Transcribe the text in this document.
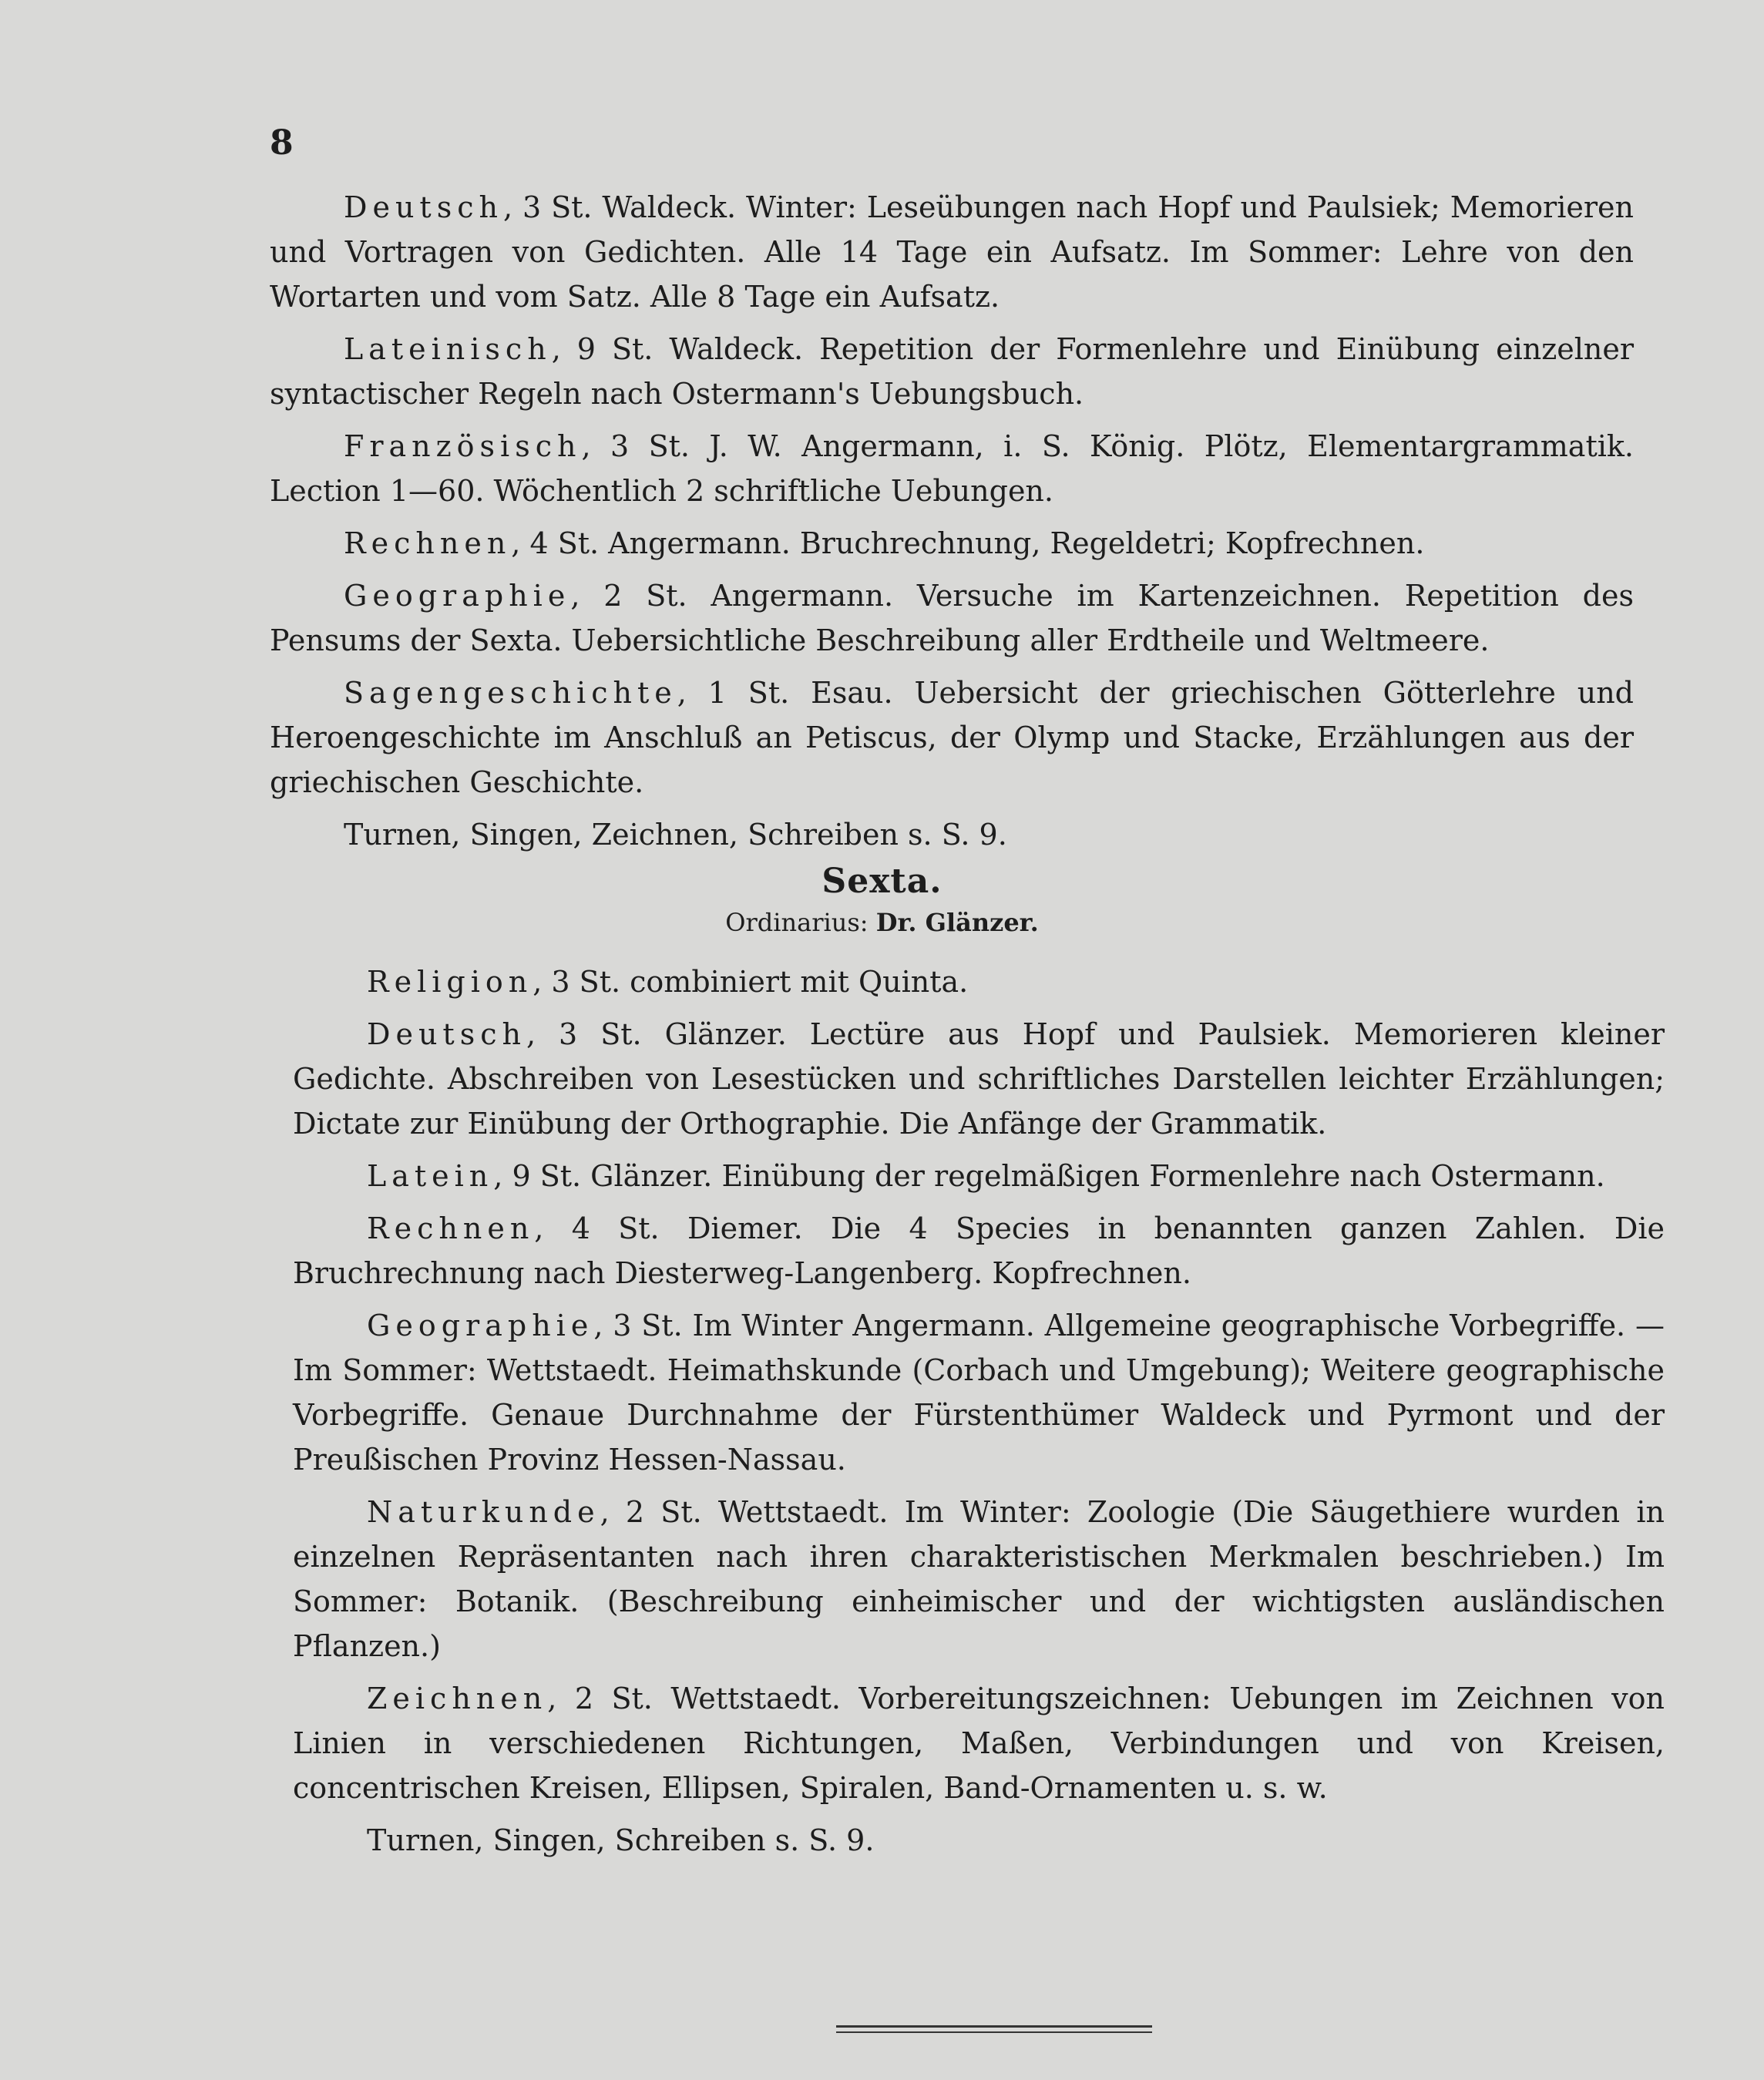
8

Deutsch, 3 St. Waldeck. Winter: Leseübungen nach Hopf und Paulsiek; Memorieren und Vortragen von Gedichten. Alle 14 Tage ein Aufsatz. Im Sommer: Lehre von den Wortarten und vom Satz. Alle 8 Tage ein Aufsatz.

Lateinisch, 9 St. Waldeck. Repetition der Formenlehre und Einübung einzelner syntactischer Regeln nach Ostermann's Uebungsbuch.

Französisch, 3 St. J. W. Angermann, i. S. König. Plötz, Elementargrammatik. Lection 1—60. Wöchentlich 2 schriftliche Uebungen.

Rechnen, 4 St. Angermann. Bruchrechnung, Regeldetri; Kopfrechnen.

Geographie, 2 St. Angermann. Versuche im Kartenzeichnen. Repetition des Pensums der Sexta. Uebersichtliche Beschreibung aller Erdtheile und Weltmeere.

Sagengeschichte, 1 St. Esau. Uebersicht der griechischen Götterlehre und Heroengeschichte im Anschluß an Petiscus, der Olymp und Stacke, Erzählungen aus der griechischen Geschichte.

Turnen, Singen, Zeichnen, Schreiben s. S. 9.

Sexta.
Ordinarius: Dr. Glänzer.

Religion, 3 St. combiniert mit Quinta.

Deutsch, 3 St. Glänzer. Lectüre aus Hopf und Paulsiek. Memorieren kleiner Gedichte. Abschreiben von Lesestücken und schriftliches Darstellen leichter Erzählungen; Dictate zur Einübung der Orthographie. Die Anfänge der Grammatik.

Latein, 9 St. Glänzer. Einübung der regelmäßigen Formenlehre nach Ostermann.

Rechnen, 4 St. Diemer. Die 4 Species in benannten ganzen Zahlen. Die Bruchrechnung nach Diesterweg-Langenberg. Kopfrechnen.

Geographie, 3 St. Im Winter Angermann. Allgemeine geographische Vorbegriffe. — Im Sommer: Wettstaedt. Heimathskunde (Corbach und Umgebung); Weitere geographische Vorbegriffe. Genaue Durchnahme der Fürstenthümer Waldeck und Pyrmont und der Preußischen Provinz Hessen-Nassau.

Naturkunde, 2 St. Wettstaedt. Im Winter: Zoologie (Die Säugethiere wurden in einzelnen Repräsentanten nach ihren charakteristischen Merkmalen beschrieben.) Im Sommer: Botanik. (Beschreibung einheimischer und der wichtigsten ausländischen Pflanzen.)

Zeichnen, 2 St. Wettstaedt. Vorbereitungszeichnen: Uebungen im Zeichnen von Linien in verschiedenen Richtungen, Maßen, Verbindungen und von Kreisen, concentrischen Kreisen, Ellipsen, Spiralen, Band-Ornamenten u. s. w.

Turnen, Singen, Schreiben s. S. 9.
